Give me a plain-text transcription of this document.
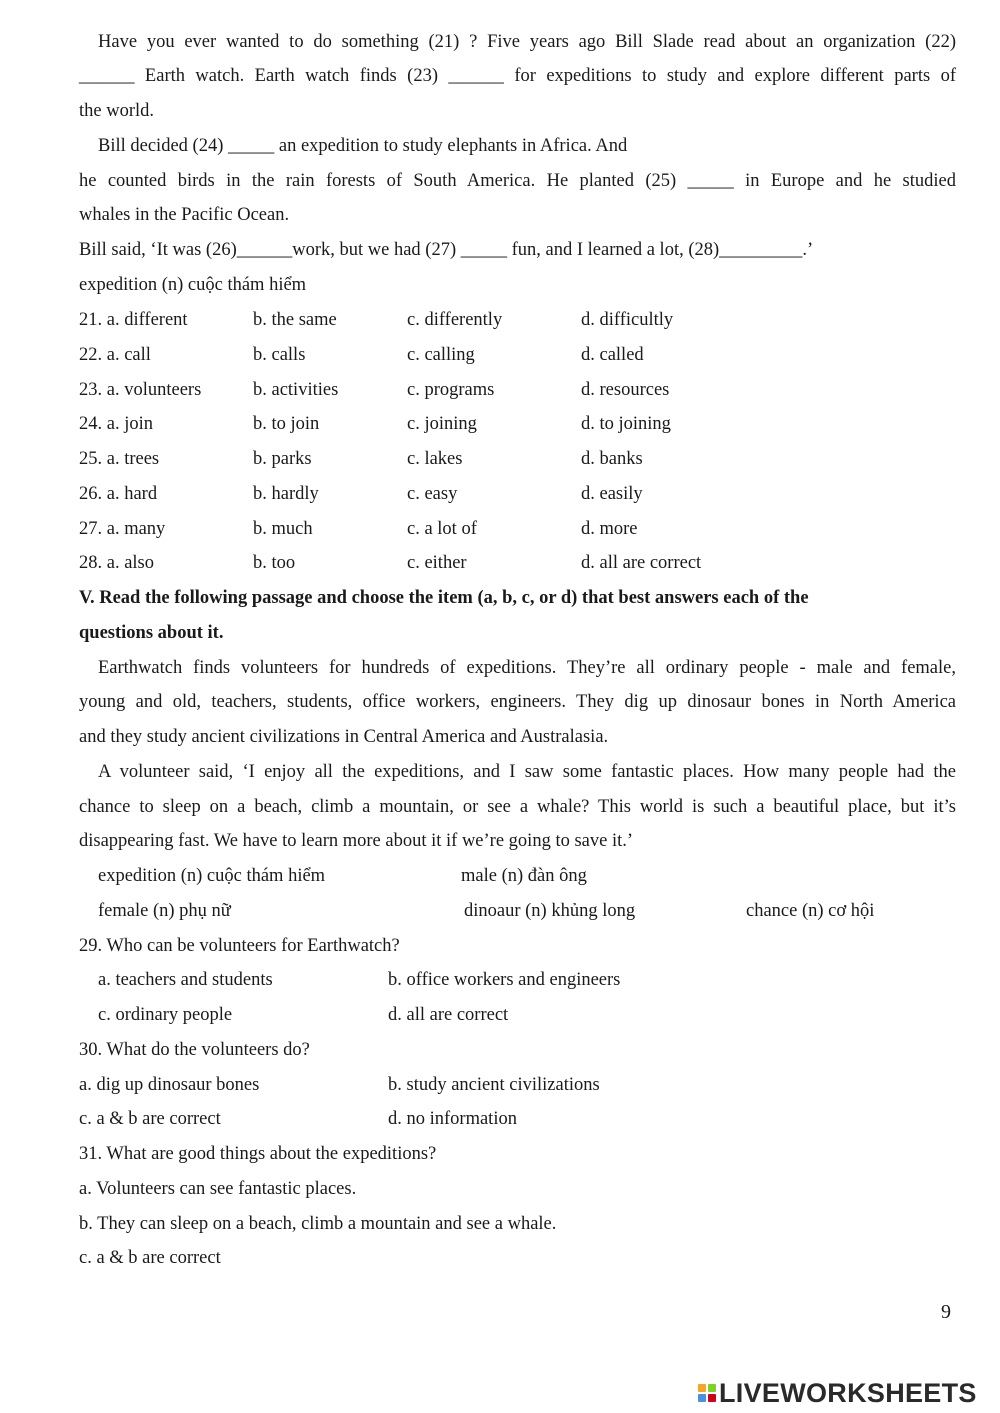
Have you ever wanted to do something (21) ? Five years ago Bill Slade read about an organization (22)
______ Earth watch. Earth watch finds (23) ______ for expeditions to study and explore different parts of
the world.
Bill decided (24) _____ an expedition to study elephants in Africa. And
he counted birds in the rain forests of South America. He planted (25) _____ in Europe and he studied
whales in the Pacific Ocean.
Bill said, ‘It was (26)______work, but we had (27) _____ fun, and I learned a lot, (28)_________.’
expedition (n) cuộc thám hiểm
21. a. different	b. the same	c. differently	d. difficultly
22. a. call	b. calls	c. calling	d. called
23. a. volunteers	b. activities	c. programs	d. resources
24. a. join	b. to join	c. joining	d. to joining
25. a. trees	b. parks	c. lakes	d. banks
26. a. hard	b. hardly	c. easy	d. easily
27. a. many	b. much	c. a lot of	d. more
28. a. also	b. too	c. either	d. all are correct
V. Read the following passage and choose the item (a, b, c, or d) that best answers each of the
questions about it.
Earthwatch finds volunteers for hundreds of expeditions. They’re all ordinary people - male and female,
young and old, teachers, students, office workers, engineers. They dig up dinosaur bones in North America
and they study ancient civilizations in Central America and Australasia.
A volunteer said, ‘I enjoy all the expeditions, and I saw some fantastic places. How many people had the
chance to sleep on a beach, climb a mountain, or see a whale? This world is such a beautiful place, but it’s
disappearing fast. We have to learn more about it if we’re going to save it.’
expedition (n) cuộc thám hiểm	male (n) đàn ông
female (n) phụ nữ	dinoaur (n) khủng long	chance (n) cơ hội
29. Who can be volunteers for Earthwatch?
a. teachers and students	b. office workers and engineers
c. ordinary people	d. all are correct
30. What do the volunteers do?
a. dig up dinosaur bones	b. study ancient civilizations
c. a & b are correct	d. no information
31. What are good things about the expeditions?
a. Volunteers can see fantastic places.
b. They can sleep on a beach, climb a mountain and see a whale.
c. a & b are correct
9
LIVEWORKSHEETS
